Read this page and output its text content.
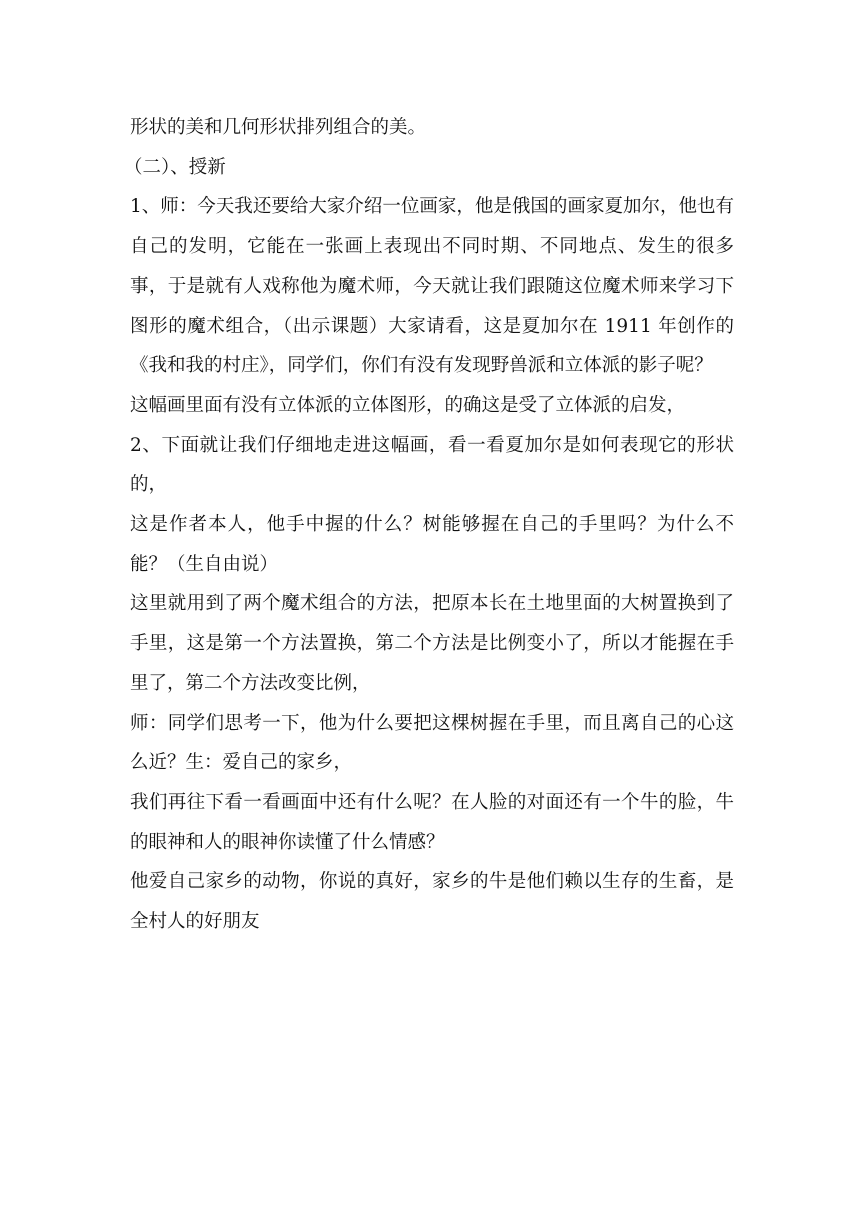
形状的美和几何形状排列组合的美。

（二）、授新

1、师：今天我还要给大家介绍一位画家，他是俄国的画家夏加尔，他也有自己的发明，它能在一张画上表现出不同时期、不同地点、发生的很多事，于是就有人戏称他为魔术师，今天就让我们跟随这位魔术师来学习下图形的魔术组合，（出示课题）大家请看，这是夏加尔在 1911 年创作的《我和我的村庄》，同学们，你们有没有发现野兽派和立体派的影子呢？

这幅画里面有没有立体派的立体图形，的确这是受了立体派的启发，

2、下面就让我们仔细地走进这幅画，看一看夏加尔是如何表现它的形状的，

这是作者本人，他手中握的什么？树能够握在自己的手里吗？为什么不能？（生自由说）

这里就用到了两个魔术组合的方法，把原本长在土地里面的大树置换到了手里，这是第一个方法置换，第二个方法是比例变小了，所以才能握在手里了，第二个方法改变比例，

师：同学们思考一下，他为什么要把这棵树握在手里，而且离自己的心这么近？生：爱自己的家乡，

我们再往下看一看画面中还有什么呢？在人脸的对面还有一个牛的脸，牛的眼神和人的眼神你读懂了什么情感？

他爱自己家乡的动物，你说的真好，家乡的牛是他们赖以生存的生畜，是全村人的好朋友
